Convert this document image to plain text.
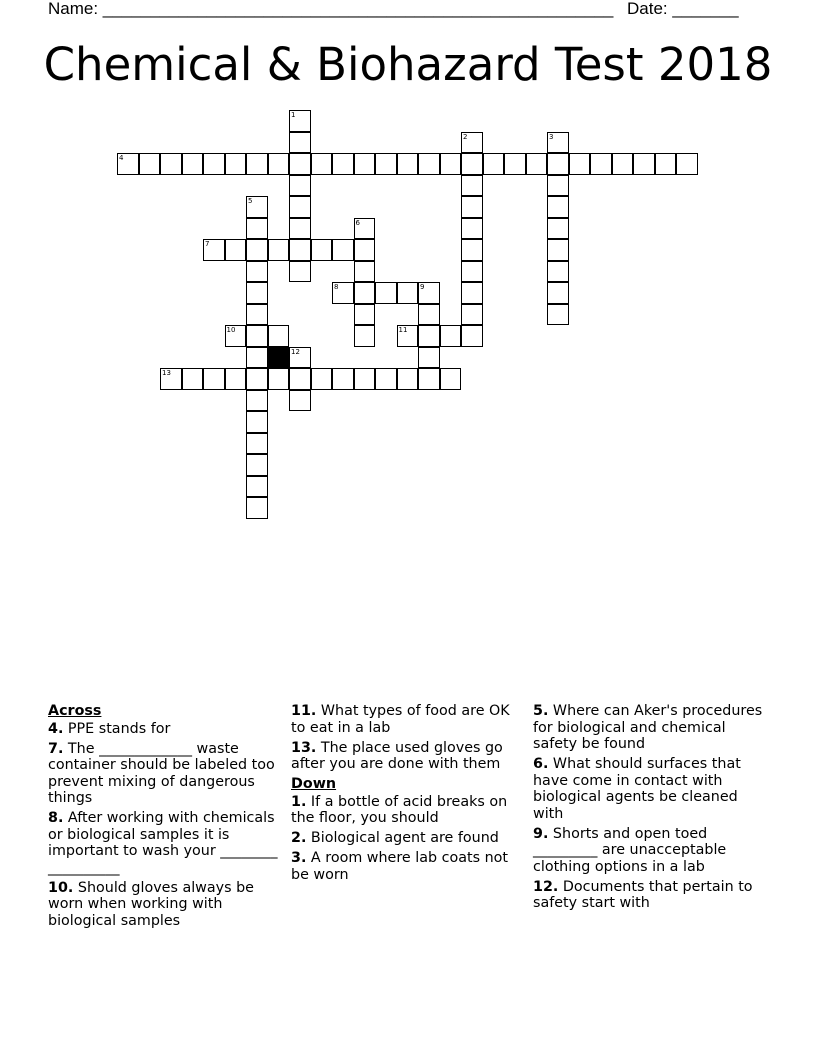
Name: ______________________________________________________ Date: _______
Chemical & Biohazard Test 2018
4
7
8
10	11
13
1
2	3
5
6
9
12
Across
4. PPE stands for
7. The _____________ waste container should be labeled too prevent mixing of dangerous things
8. After working with chemicals or biological samples it is important to wash your ________ __________
10. Should gloves always be worn when working with biological samples
11. What types of food are OK to eat in a lab
13. The place used gloves go after you are done with them
Down
1. If a bottle of acid breaks on the floor, you should
2. Biological agent are found
3. A room where lab coats not be worn
5. Where can Aker's procedures for biological and chemical safety be found
6. What should surfaces that have come in contact with biological agents be cleaned with
9. Shorts and open toed _________ are unacceptable clothing options in a lab
12. Documents that pertain to safety start with
